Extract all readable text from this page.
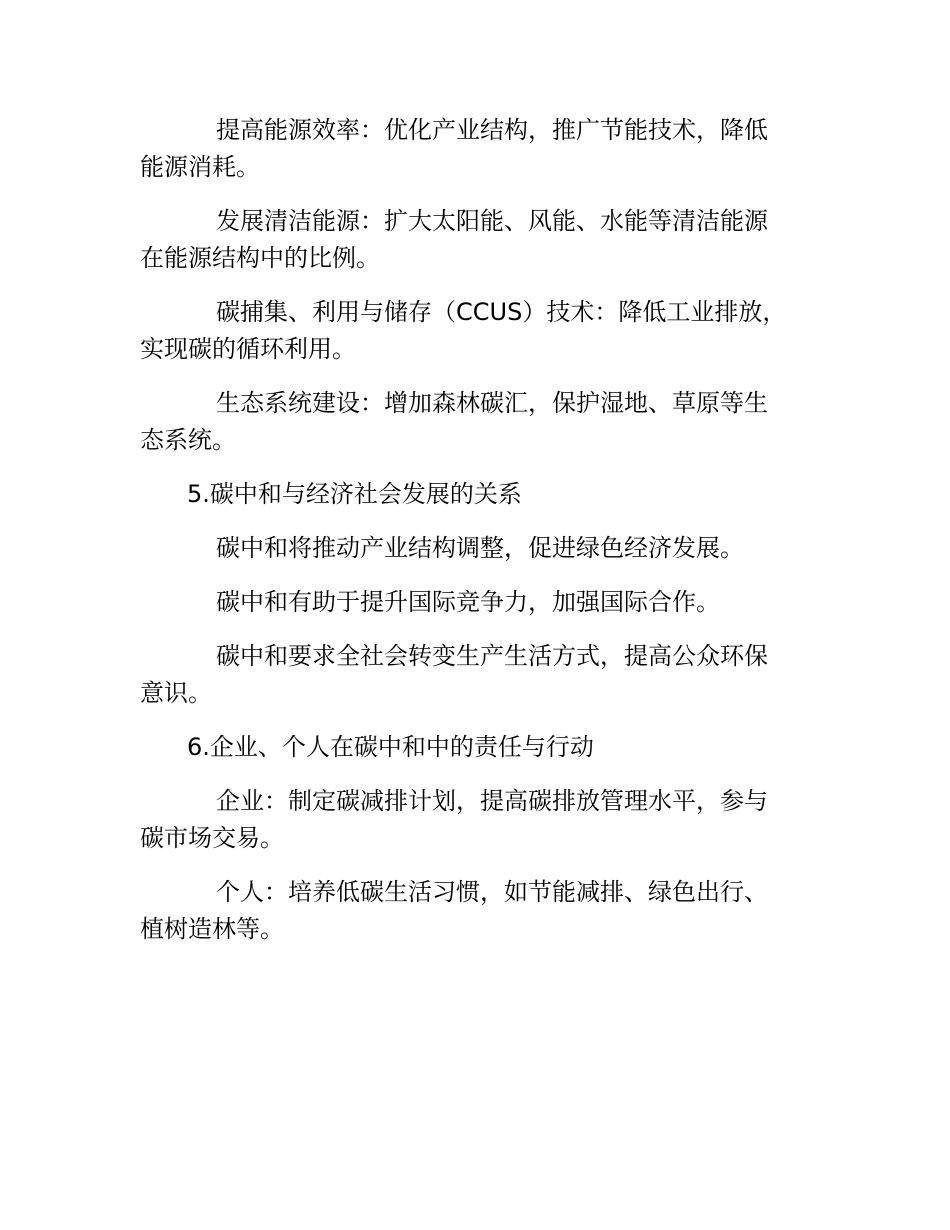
提高能源效率：优化产业结构，推广节能技术，降低能源消耗。

发展清洁能源：扩大太阳能、风能、水能等清洁能源在能源结构中的比例。

碳捕集、利用与储存（CCUS）技术：降低工业排放，实现碳的循环利用。

生态系统建设：增加森林碳汇，保护湿地、草原等生态系统。

5.碳中和与经济社会发展的关系

碳中和将推动产业结构调整，促进绿色经济发展。

碳中和有助于提升国际竞争力，加强国际合作。

碳中和要求全社会转变生产生活方式，提高公众环保意识。

6.企业、个人在碳中和中的责任与行动

企业：制定碳减排计划，提高碳排放管理水平，参与碳市场交易。

个人：培养低碳生活习惯，如节能减排、绿色出行、植树造林等。
